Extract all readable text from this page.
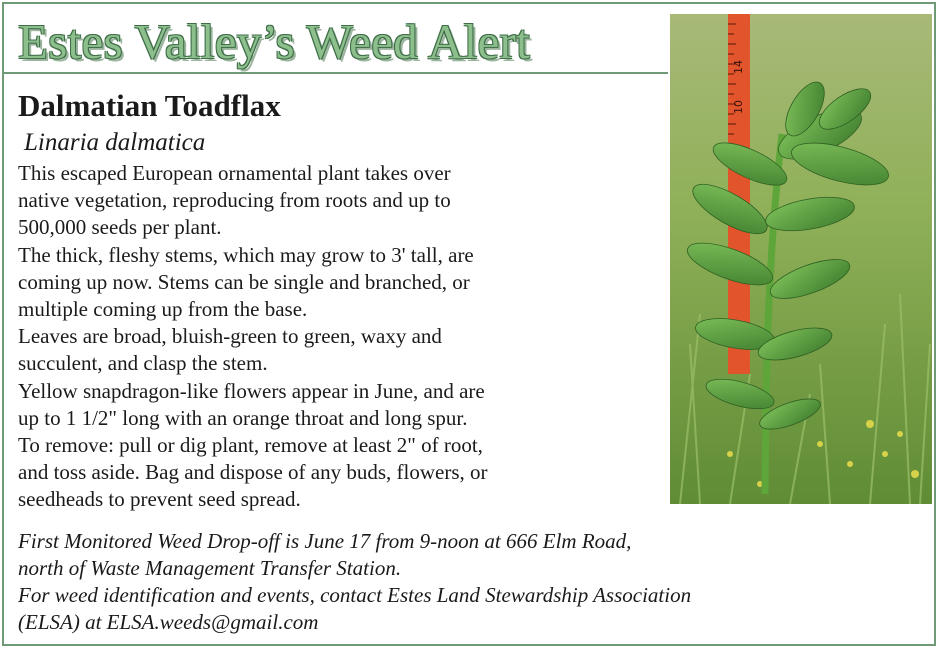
Estes Valley’s Weed Alert	14
10
Dalmatian Toadflax
Linaria dalmatica

This escaped European ornamental plant takes over

native vegetation, reproducing from roots and up to

500,000 seeds per plant.

The thick, fleshy stems, which may grow to 3' tall, are

coming up now. Stems can be single and branched, or

multiple coming up from the base.

Leaves are broad, bluish-green to green, waxy and

succulent, and clasp the stem.

Yellow snapdragon-like flowers appear in June, and are

up to 1 1/2" long with an orange throat and long spur.

To remove: pull or dig plant, remove at least 2" of root,

and toss aside. Bag and dispose of any buds, flowers, or

seedheads to prevent seed spread.

First Monitored Weed Drop-off is June 17 from 9-noon at 666 Elm Road,

north of Waste Management Transfer Station.

For weed identification and events, contact Estes Land Stewardship Association

(ELSA) at ELSA.weeds@gmail.com
